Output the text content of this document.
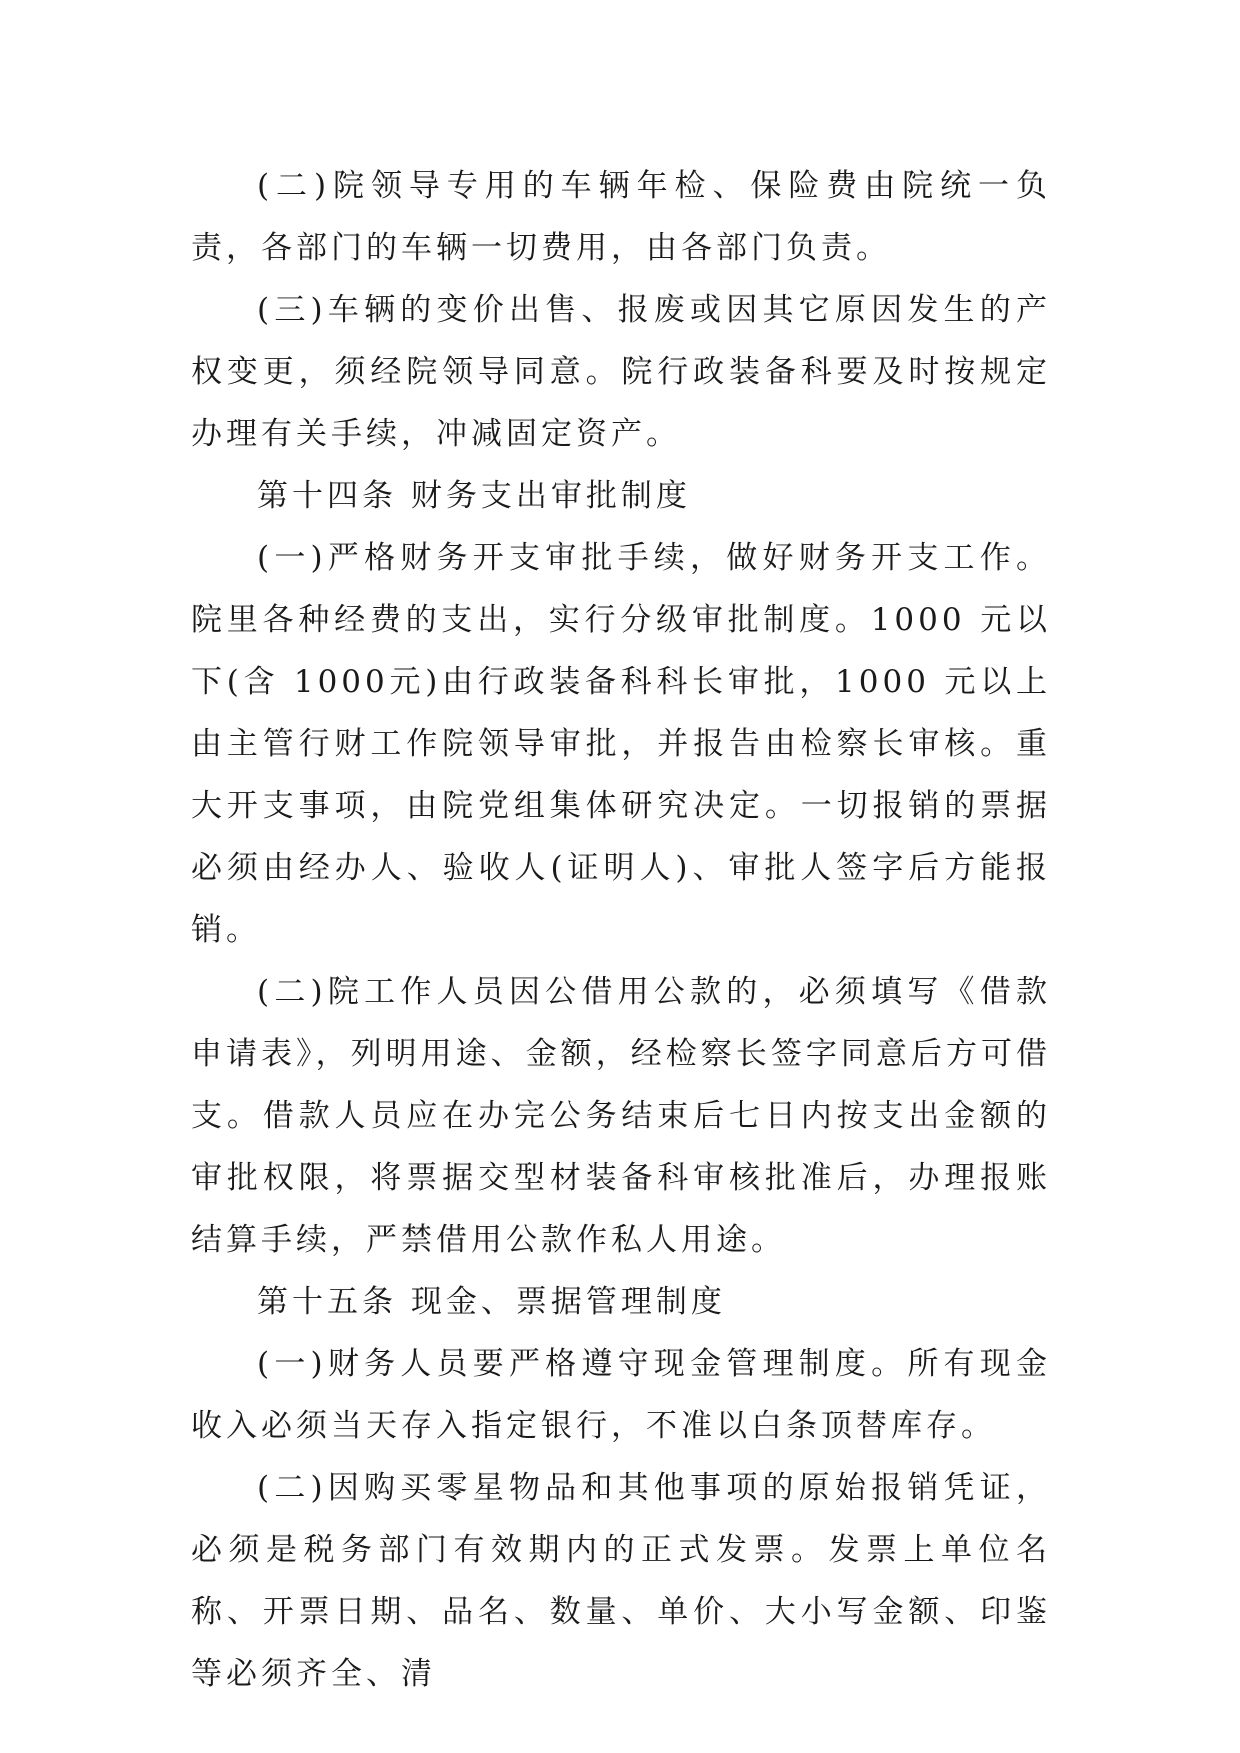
(二)院领导专用的车辆年检、保险费由院统一负责，各部门的车辆一切费用，由各部门负责。

(三)车辆的变价出售、报废或因其它原因发生的产权变更，须经院领导同意。院行政装备科要及时按规定办理有关手续，冲减固定资产。

第十四条 财务支出审批制度

(一)严格财务开支审批手续，做好财务开支工作。院里各种经费的支出，实行分级审批制度。1000 元以下(含 1000元)由行政装备科科长审批，1000 元以上由主管行财工作院领导审批，并报告由检察长审核。重大开支事项，由院党组集体研究决定。一切报销的票据必须由经办人、验收人(证明人)、审批人签字后方能报销。

(二)院工作人员因公借用公款的，必须填写《借款申请表》，列明用途、金额，经检察长签字同意后方可借支。借款人员应在办完公务结束后七日内按支出金额的审批权限，将票据交型材装备科审核批准后，办理报账结算手续，严禁借用公款作私人用途。

第十五条 现金、票据管理制度

(一)财务人员要严格遵守现金管理制度。所有现金收入必须当天存入指定银行，不准以白条顶替库存。

(二)因购买零星物品和其他事项的原始报销凭证，必须是税务部门有效期内的正式发票。发票上单位名称、开票日期、品名、数量、单价、大小写金额、印鉴等必须齐全、清
